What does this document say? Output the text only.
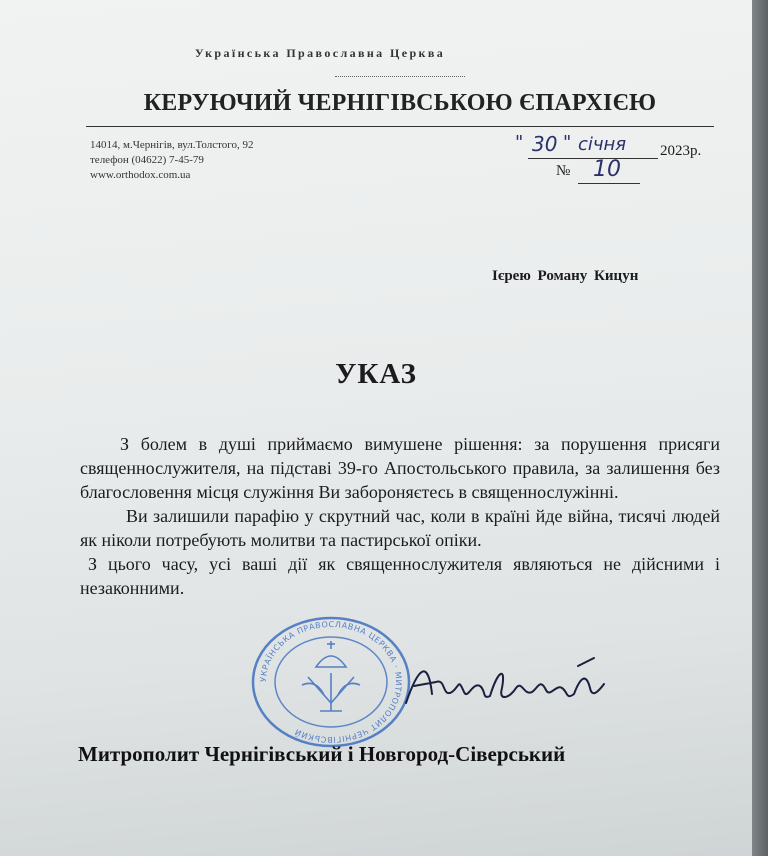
Українська Православна Церква
КЕРУЮЧИЙ ЧЕРНІГІВСЬКОЮ ЄПАРХІЄЮ
14014, м.Чернігів, вул.Толстого, 92
телефон (04622) 7-45-79
www.orthodox.com.ua
" 30 " січня 2023р.
№ 10
Ієрею Роману Кицун
УКАЗ

З болем в душі приймаємо вимушене рішення: за порушення присяги священнослужителя, на підставі 39-го Апостольського правила, за залишення без благословення місця служіння Ви забороняєтесь в священнослужінні.

Ви залишили парафію у скрутний час, коли в країні йде війна, тисячі людей як ніколи потребують молитви та пастирської опіки.

З цього часу, усі ваші дії як священнослужителя являються не дійсними і незаконними.

УКРАЇНСЬКА ПРАВОСЛАВНА ЦЕРКВА · МИТРОПОЛИТ ЧЕРНІГІВСЬКИЙ
Митрополит Чернігівський і Новгород-Сіверський
